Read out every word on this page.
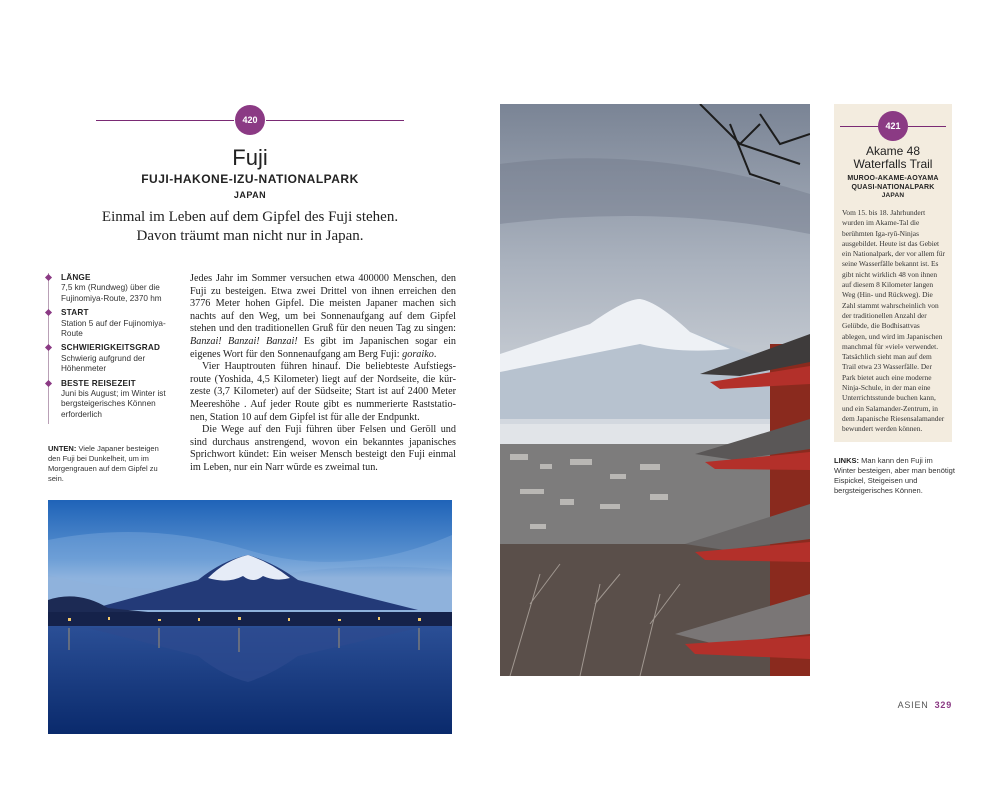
420
Fuji
FUJI-HAKONE-IZU-NATIONALPARK
JAPAN
Einmal im Leben auf dem Gipfel des Fuji stehen.
Davon träumt man nicht nur in Japan.
LÄNGE
7,5 km (Rundweg) über die Fujinomiya-Route, 2370 hm
START
Station 5 auf der Fujinomiya-Route
SCHWIERIGKEITSGRAD
Schwierig aufgrund der Höhenmeter
BESTE REISEZEIT
Juni bis August; im Winter ist bergsteigerisches Können erforderlich
UNTEN: Viele Japaner besteigen den Fuji bei Dunkelheit, um im Morgengrauen auf dem Gipfel zu sein.

Jedes Jahr im Sommer versuchen etwa 400000 Menschen, den Fuji zu besteigen. Etwa zwei Drittel von ihnen erreichen den 3776 Meter hohen Gipfel. Die meisten Japaner machen sich nachts auf den Weg, um bei Sonnenaufgang auf dem Gipfel stehen und den traditionellen Gruß für den neuen Tag zu singen: Banzai! Banzai! Banzai! Es gibt im Japanischen sogar ein eigenes Wort für den Sonnenaufgang am Berg Fuji: goraiko.

Vier Hauptrouten führen hinauf. Die beliebteste Aufstiegsroute (Yoshida, 4,5 Kilometer) liegt auf der Nordseite, die kürzeste (3,7 Kilometer) auf der Südseite; Start ist auf 2400 Meter Meereshöhe . Auf jeder Route gibt es nummerierte Raststationen, Station 10 auf dem Gipfel ist für alle der Endpunkt.

Die Wege auf den Fuji führen über Felsen und Geröll und sind durchaus anstrengend, wovon ein bekanntes japanisches Sprichwort kündet: Ein weiser Mensch besteigt den Fuji einmal im Leben, nur ein Narr würde es zweimal tun.

421
Akame 48
Waterfalls Trail
MUROO-AKAME-AOYAMA
QUASI-NATIONALPARK
JAPAN
Vom 15. bis 18. Jahrhundert wurden im Akame-Tal die berühmten Iga-ryū-Ninjas ausgebildet. Heute ist das Gebiet ein Nationalpark, der vor allem für seine Wasserfälle bekannt ist. Es gibt nicht wirklich 48 von ihnen auf diesem 8 Kilometer langen Weg (Hin- und Rückweg). Die Zahl stammt wahrscheinlich von der traditionellen Anzahl der Gelübde, die Bodhisattvas ablegen, und wird im Japanischen manchmal für »viel« verwendet. Tatsächlich sieht man auf dem Trail etwa 23 Wasserfälle. Der Park bietet auch eine moderne Ninja-Schule, in der man eine Unterrichtsstunde buchen kann, und ein Salamander-Zentrum, in dem Japanische Riesensalamander bewundert werden können.
LINKS: Man kann den Fuji im Winter besteigen, aber man benötigt Eispickel, Steigeisen und bergsteigerisches Können.
ASIEN 329
